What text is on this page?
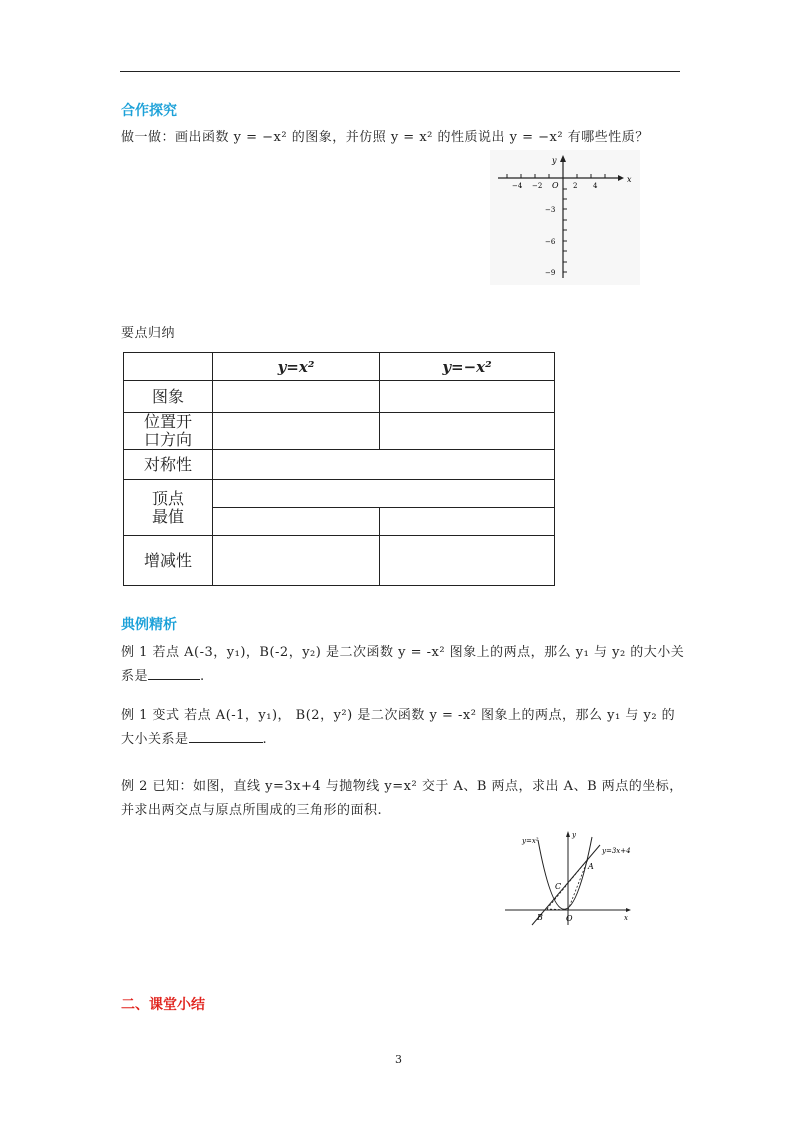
合作探究
做一做：画出函数 y = −x² 的图象，并仿照 y = x² 的性质说出 y = −x² 有哪些性质？
x
y
O
−4 −2	2 4
−3
−6
−9
要点归纳
	y=x²	y=−x²
图象		

位置开口方向		

对称性		

顶点最值		

增减性		
典例精析
例 1 若点 A(-3，y₁)，B(-2，y₂) 是二次函数 y = -x² 图象上的两点，那么 y₁ 与 y₂ 的大小关系是	.
例 1 变式 若点 A(-1，y₁)， B(2，y²) 是二次函数 y = -x² 图象上的两点，那么 y₁ 与 y₂ 的大小关系是	.
例 2 已知：如图，直线 y=3x+4 与抛物线 y=x² 交于 A、B 两点，求出 A、B 两点的坐标，并求出两交点与原点所围成的三角形的面积.
y=x²
y=3x+4
A
B
C
O	x
y
二、课堂小结
3
